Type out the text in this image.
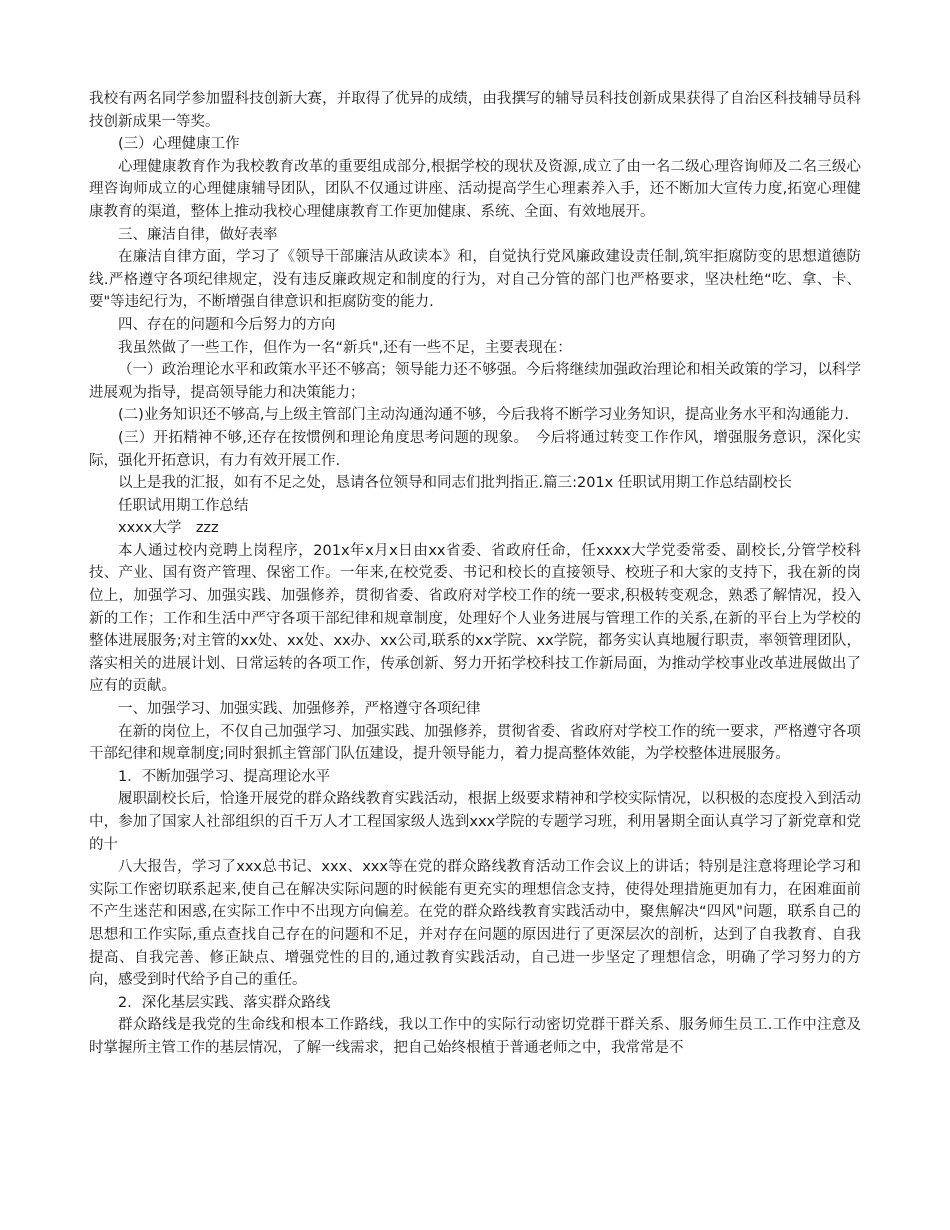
我校有两名同学参加盟科技创新大赛，并取得了优异的成绩，由我撰写的辅导员科技创新成果获得了自治区科技辅导员科技创新成果一等奖。

(三）心理健康工作

心理健康教育作为我校教育改革的重要组成部分,根据学校的现状及资源,成立了由一名二级心理咨询师及二名三级心理咨询师成立的心理健康辅导团队，团队不仅通过讲座、活动提高学生心理素养入手，还不断加大宣传力度,拓宽心理健康教育的渠道，整体上推动我校心理健康教育工作更加健康、系统、全面、有效地展开。

三、廉洁自律，做好表率

在廉洁自律方面，学习了《领导干部廉洁从政读本》和，自觉执行党风廉政建设责任制,筑牢拒腐防变的思想道德防线.严格遵守各项纪律规定，没有违反廉政规定和制度的行为，对自己分管的部门也严格要求，坚决杜绝“吃、拿、卡、要"等违纪行为，不断增强自律意识和拒腐防变的能力.

四、存在的问题和今后努力的方向

我虽然做了一些工作，但作为一名“新兵",还有一些不足，主要表现在：

（一）政治理论水平和政策水平还不够高；领导能力还不够强。今后将继续加强政治理论和相关政策的学习，以科学进展观为指导，提高领导能力和决策能力；

(二)业务知识还不够高,与上级主管部门主动沟通沟通不够，今后我将不断学习业务知识，提高业务水平和沟通能力.

(三）开拓精神不够,还存在按惯例和理论角度思考问题的现象。　今后将通过转变工作作风，增强服务意识，深化实际，强化开拓意识，有力有效开展工作.

以上是我的汇报，如有不足之处，恳请各位领导和同志们批判指正.篇三:201x 任职试用期工作总结副校长

任职试用期工作总结

xxxx大学　zzz

本人通过校内竞聘上岗程序，201x年x月x日由xx省委、省政府任命，任xxxx大学党委常委、副校长,分管学校科技、产业、国有资产管理、保密工作。一年来,在校党委、书记和校长的直接领导、校班子和大家的支持下，我在新的岗位上，加强学习、加强实践、加强修养，贯彻省委、省政府对学校工作的统一要求,积极转变观念，熟悉了解情况，投入新的工作；工作和生活中严守各项干部纪律和规章制度，处理好个人业务进展与管理工作的关系,在新的平台上为学校的整体进展服务;对主管的xx处、xx处、xx办、xx公司,联系的xx学院、xx学院，都务实认真地履行职责，率领管理团队，落实相关的进展计划、日常运转的各项工作，传承创新、努力开拓学校科技工作新局面，为推动学校事业改革进展做出了应有的贡献。

一、加强学习、加强实践、加强修养，严格遵守各项纪律

在新的岗位上，不仅自己加强学习、加强实践、加强修养，贯彻省委、省政府对学校工作的统一要求，严格遵守各项干部纪律和规章制度;同时狠抓主管部门队伍建设，提升领导能力，着力提高整体效能，为学校整体进展服务。

1．不断加强学习、提高理论水平

履职副校长后，恰逢开展党的群众路线教育实践活动，根据上级要求精神和学校实际情况，以积极的态度投入到活动中，参加了国家人社部组织的百千万人才工程国家级人选到xxx学院的专题学习班，利用暑期全面认真学习了新党章和党的十

八大报告，学习了xxx总书记、xxx、xxx等在党的群众路线教育活动工作会议上的讲话；特别是注意将理论学习和实际工作密切联系起来,使自己在解决实际问题的时候能有更充实的理想信念支持，使得处理措施更加有力，在困难面前不产生迷茫和困惑,在实际工作中不出现方向偏差。在党的群众路线教育实践活动中，聚焦解决“四风"问题，联系自己的思想和工作实际,重点查找自己存在的问题和不足，并对存在问题的原因进行了更深层次的剖析，达到了自我教育、自我提高、自我完善、修正缺点、增强党性的目的,通过教育实践活动，自己进一步坚定了理想信念，明确了学习努力的方向，感受到时代给予自己的重任。

2．深化基层实践、落实群众路线

群众路线是我党的生命线和根本工作路线，我以工作中的实际行动密切党群干群关系、服务师生员工.工作中注意及时掌握所主管工作的基层情况，了解一线需求，把自己始终根植于普通老师之中，我常常是不
